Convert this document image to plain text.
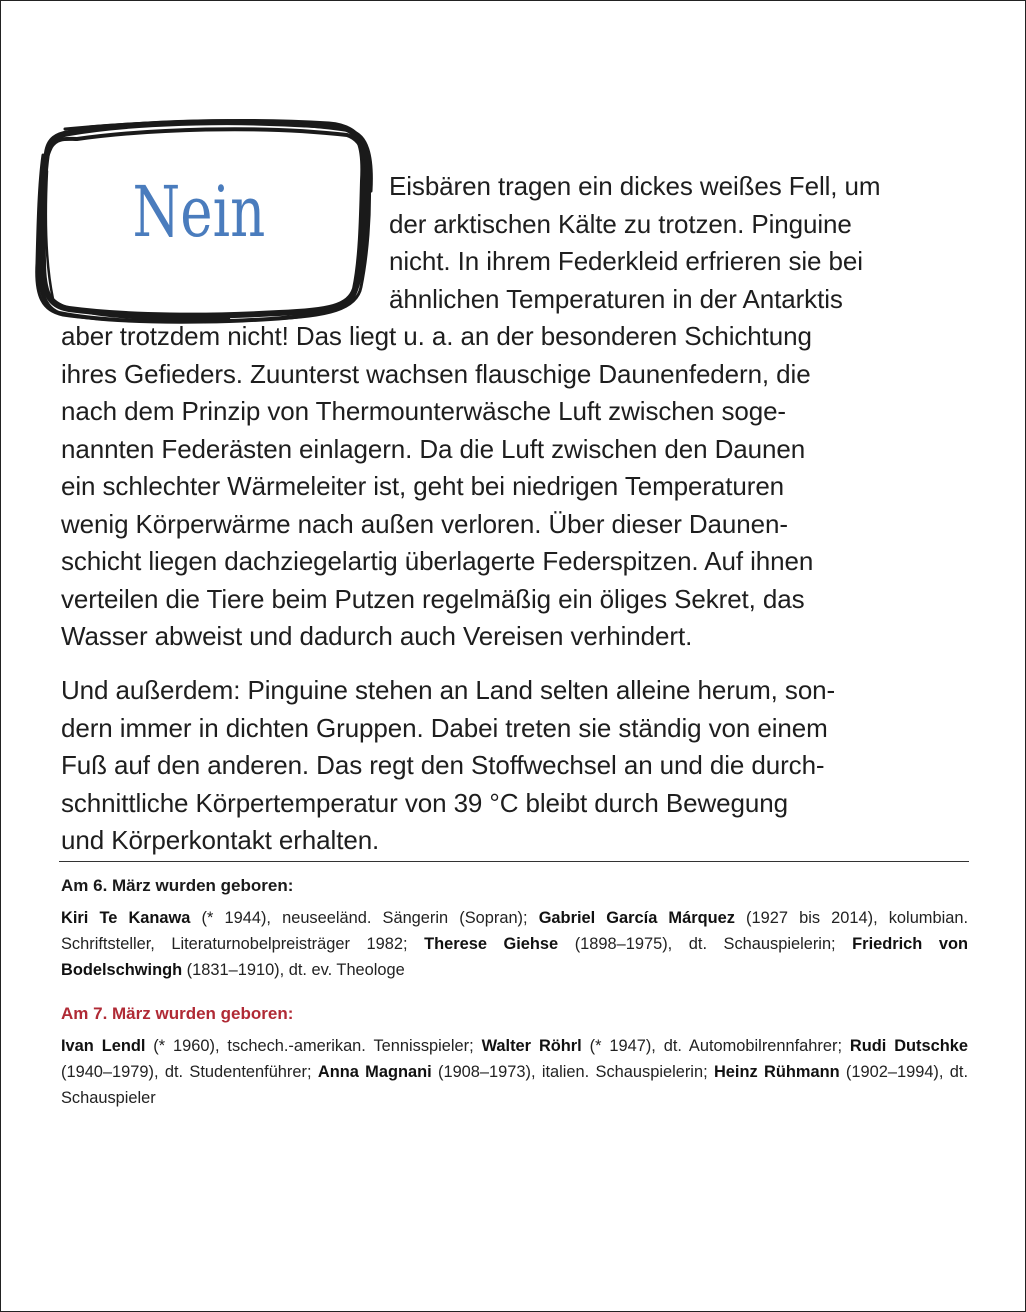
Nein	Eisbären tragen ein dickes weißes Fell, um
der arktischen Kälte zu trotzen. Pinguine
nicht. In ihrem Federkleid erfrieren sie bei
ähnlichen Temperaturen in der Antarktis
aber trotzdem nicht! Das liegt u. a. an der besonderen Schichtung
ihres Gefieders. Zuunterst wachsen flauschige Daunenfedern, die
nach dem Prinzip von Thermounterwäsche Luft zwischen soge-
nannten Federästen einlagern. Da die Luft zwischen den Daunen
ein schlechter Wärmeleiter ist, geht bei niedrigen Temperaturen
wenig Körperwärme nach außen verloren. Über dieser Daunen-
schicht liegen dachziegelartig überlagerte Federspitzen. Auf ihnen
verteilen die Tiere beim Putzen regelmäßig ein öliges Sekret, das
Wasser abweist und dadurch auch Vereisen verhindert.
Und außerdem: Pinguine stehen an Land selten alleine herum, son-
dern immer in dichten Gruppen. Dabei treten sie ständig von einem
Fuß auf den anderen. Das regt den Stoffwechsel an und die durch-
schnittliche Körpertemperatur von 39 °C bleibt durch Bewegung
und Körperkontakt erhalten.
Am 6. März wurden geboren:
Kiri Te Kanawa (* 1944), neuseeländ. Sängerin (Sopran); Gabriel García Márquez (1927 bis 2014), kolumbian. Schriftsteller, Literaturnobelpreisträger 1982; Therese Giehse (1898–1975), dt. Schauspielerin; Friedrich von Bodelschwingh (1831–1910), dt. ev. Theologe
Am 7. März wurden geboren:
Ivan Lendl (* 1960), tschech.-amerikan. Tennisspieler; Walter Röhrl (* 1947), dt. Automobilrennfahrer; Rudi Dutschke (1940–1979), dt. Studentenführer; Anna Magnani (1908–1973), italien. Schauspielerin; Heinz Rühmann (1902–1994), dt. Schauspieler
